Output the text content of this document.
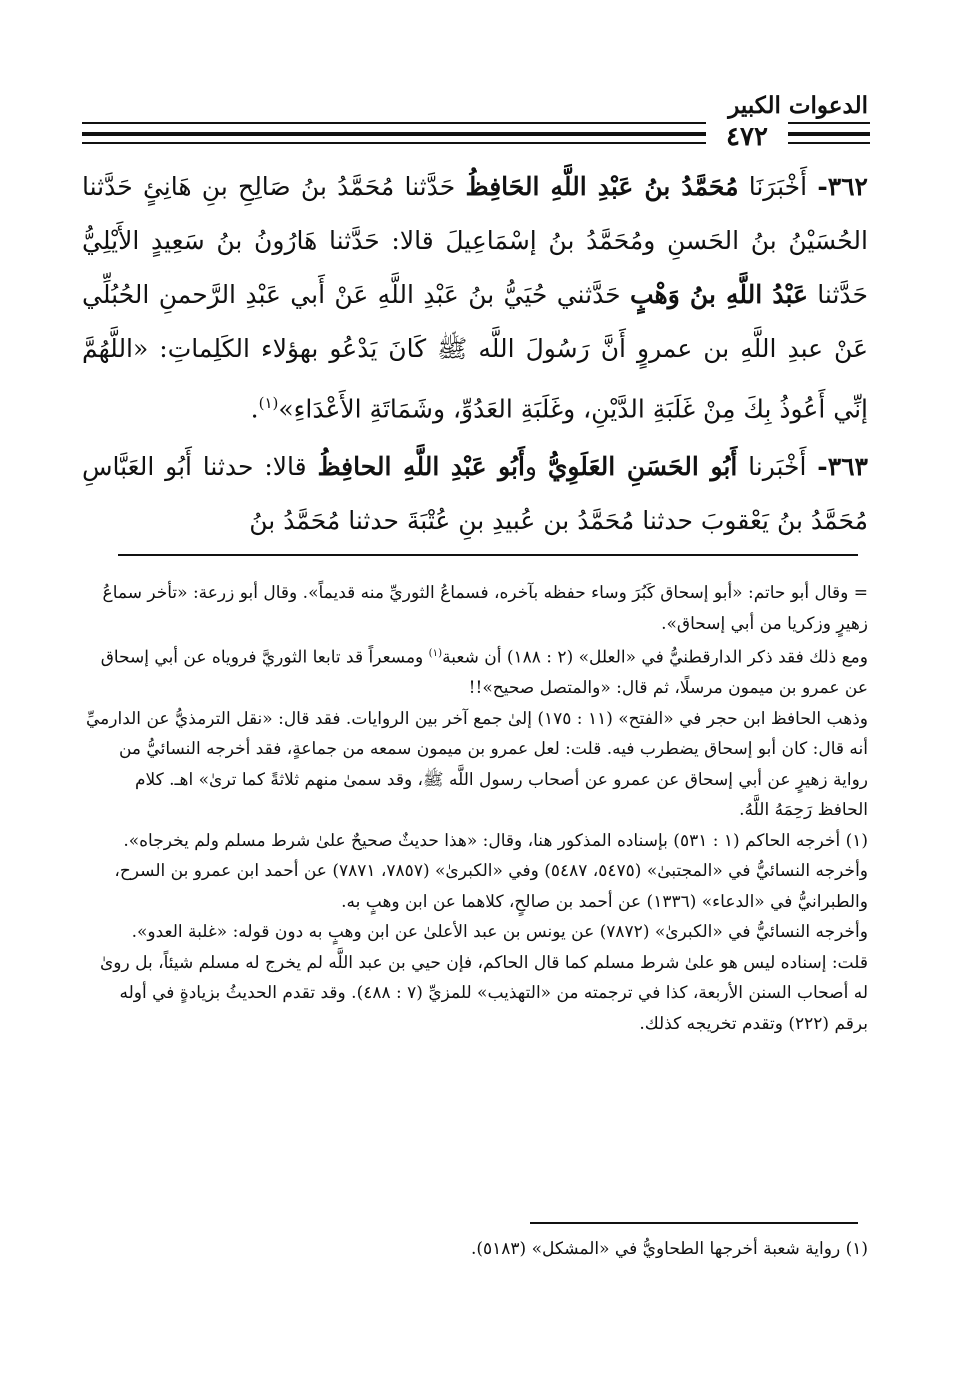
الدعوات الكبير
٤٧٢

٣٦٢- أَخْبَرَنَا مُحَمَّدُ بنُ عَبْدِ اللَّهِ الحَافِظُ حَدَّثنا مُحَمَّدُ بنُ صَالِحِ بنِ هَانِئٍ حَدَّثنا الحُسَيْنُ بنُ الحَسنِ ومُحَمَّدُ بنُ إسْمَاعِيلَ قالا: حَدَّثنا هَارُونُ بنُ سَعِيدٍ الأَيْلِيُّ حَدَّثنا عَبْدُ اللَّهِ بنُ وَهْبٍ حَدَّثني حُيَيُّ بنُ عَبْدِ اللَّهِ عَنْ أَبي عَبْدِ الرَّحمنِ الحُبُلِّي عَنْ عبدِ اللَّهِ بن عمروٍ أَنَّ رَسُولَ اللَّه ﷺ كَانَ يَدْعُو بهؤلاء الكَلِماتِ: «اللَّهُمَّ إنِّي أَعُوذُ بِكَ مِنْ غَلَبَةِ الدَّيْنِ، وغَلَبَةِ العَدُوِّ، وشَمَاتَةِ الأَعْدَاءِ»$^{(١)}$.

٣٦٣- أَخْبَرنا أَبُو الحَسَنِ العَلَوِيُّ وأَبُو عَبْدِ اللَّهِ الحافِظُ قالا: حدثنا أَبُو العَبَّاسِ مُحَمَّدُ بنُ يَعْقوبَ حدثنا مُحَمَّدُ بن عُبيدِ بنِ عُتْبَةَ حدثنا مُحَمَّدُ بنُ

= وقال أبو حاتم: «أبو إسحاق كَبُرَ وساء حفظه بآخره، فسماعُ الثوريِّ منه قديماً». وقال أبو زرعة: «تأخر سماعُ زهيرٍ وزكريا من أبي إسحاق».

ومع ذلك فقد ذكر الدارقطنيُّ في «العلل» (٢ : ١٨٨) أن شعبة$^{(١)}$ ومسعراً قد تابعا الثوريَّ فروياه عن أبي إسحاق عن عمرو بن ميمون مرسلًا، ثم قال: «والمتصل صحيح»!!

وذهب الحافظ ابن حجر في «الفتح» (١١ : ١٧٥) إلىٰ جمع آخر بين الروايات. فقد قال: «نقل الترمذيُّ عن الدارميِّ أنه قال: كان أبو إسحاق يضطرب فيه. قلت: لعل عمرو بن ميمون سمعه من جماعةٍ، فقد أخرجه النسائيُّ من رواية زهيرٍ عن أبي إسحاق عن عمرو عن أصحاب رسول اللَّه ﷺ، وقد سمىٰ منهم ثلاثةً كما ترىٰ» اهـ. كلام الحافظ رَحِمَهُ اللَّهُ.

(١) أخرجه الحاكم (١ : ٥٣١) بإسناده المذكور هنا، وقال: «هذا حديثٌ صحيحٌ علىٰ شرط مسلم ولم يخرجاه».

وأخرجه النسائيُّ في «المجتبىٰ» (٥٤٧٥، ٥٤٨٧) وفي «الكبرىٰ» (٧٨٥٧، ٧٨٧١) عن أحمد ابن عمرو بن السرح، والطبرانيُّ في «الدعاء» (١٣٣٦) عن أحمد بن صالحٍ، كلاهما عن ابن وهبٍ به.

وأخرجه النسائيُّ في «الكبرىٰ» (٧٨٧٢) عن يونس بن عبد الأعلىٰ عن ابن وهبٍ به دون قوله: «غلبة العدو».

قلت: إسناده ليس هو علىٰ شرط مسلم كما قال الحاكم، فإن حيي بن عبد اللَّه لم يخرج له مسلم شيئاً، بل روىٰ له أصحاب السنن الأربعة، كذا في ترجمته من «التهذيب» للمزيِّ (٧ : ٤٨٨). وقد تقدم الحديثُ بزيادةٍ في أوله برقم (٢٢٢) وتقدم تخريجه كذلك.

(١) رواية شعبة أخرجها الطحاويُّ في «المشكل» (٥١٨٣).
